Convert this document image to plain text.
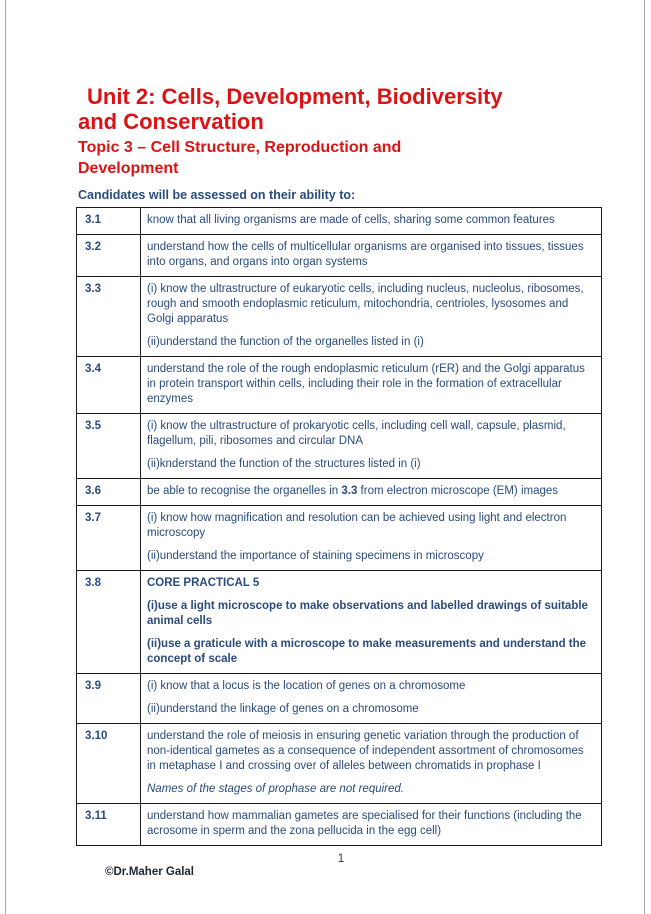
Unit 2: Cells, Development, Biodiversity
and Conservation
Topic 3 – Cell Structure, Reproduction and
Development
Candidates will be assessed on their ability to:
3.1	know that all living organisms are made of cells, sharing some common features

3.2	understand how the cells of multicellular organisms are organised into tissues, tissues into organs, and organs into organ systems

3.3	(i) know the ultrastructure of eukaryotic cells, including nucleus, nucleolus, ribosomes, rough and smooth endoplasmic reticulum, mitochondria, centrioles, lysosomes and Golgi apparatus

(ii)understand the function of the organelles listed in (i)

3.4	understand the role of the rough endoplasmic reticulum (rER) and the Golgi apparatus in protein transport within cells, including their role in the formation of extracellular enzymes

3.5	(i) know the ultrastructure of prokaryotic cells, including cell wall, capsule, plasmid, flagellum, pili, ribosomes and circular DNA

(ii)knderstand the function of the structures listed in (i)

3.6	be able to recognise the organelles in 3.3 from electron microscope (EM) images

3.7	(i) know how magnification and resolution can be achieved using light and electron microscopy

(ii)understand the importance of staining specimens in microscopy

3.8	CORE PRACTICAL 5

(i)use a light microscope to make observations and labelled drawings of suitable animal cells

(ii)use a graticule with a microscope to make measurements and understand the concept of scale

3.9	(i) know that a locus is the location of genes on a chromosome

(ii)understand the linkage of genes on a chromosome

3.10	understand the role of meiosis in ensuring genetic variation through the production of non-identical gametes as a consequence of independent assortment of chromosomes in metaphase I and crossing over of alleles between chromatids in prophase I

Names of the stages of prophase are not required.

3.11	understand how mammalian gametes are specialised for their functions (including the acrosome in sperm and the zona pellucida in the egg cell)

1
©Dr.Maher Galal
